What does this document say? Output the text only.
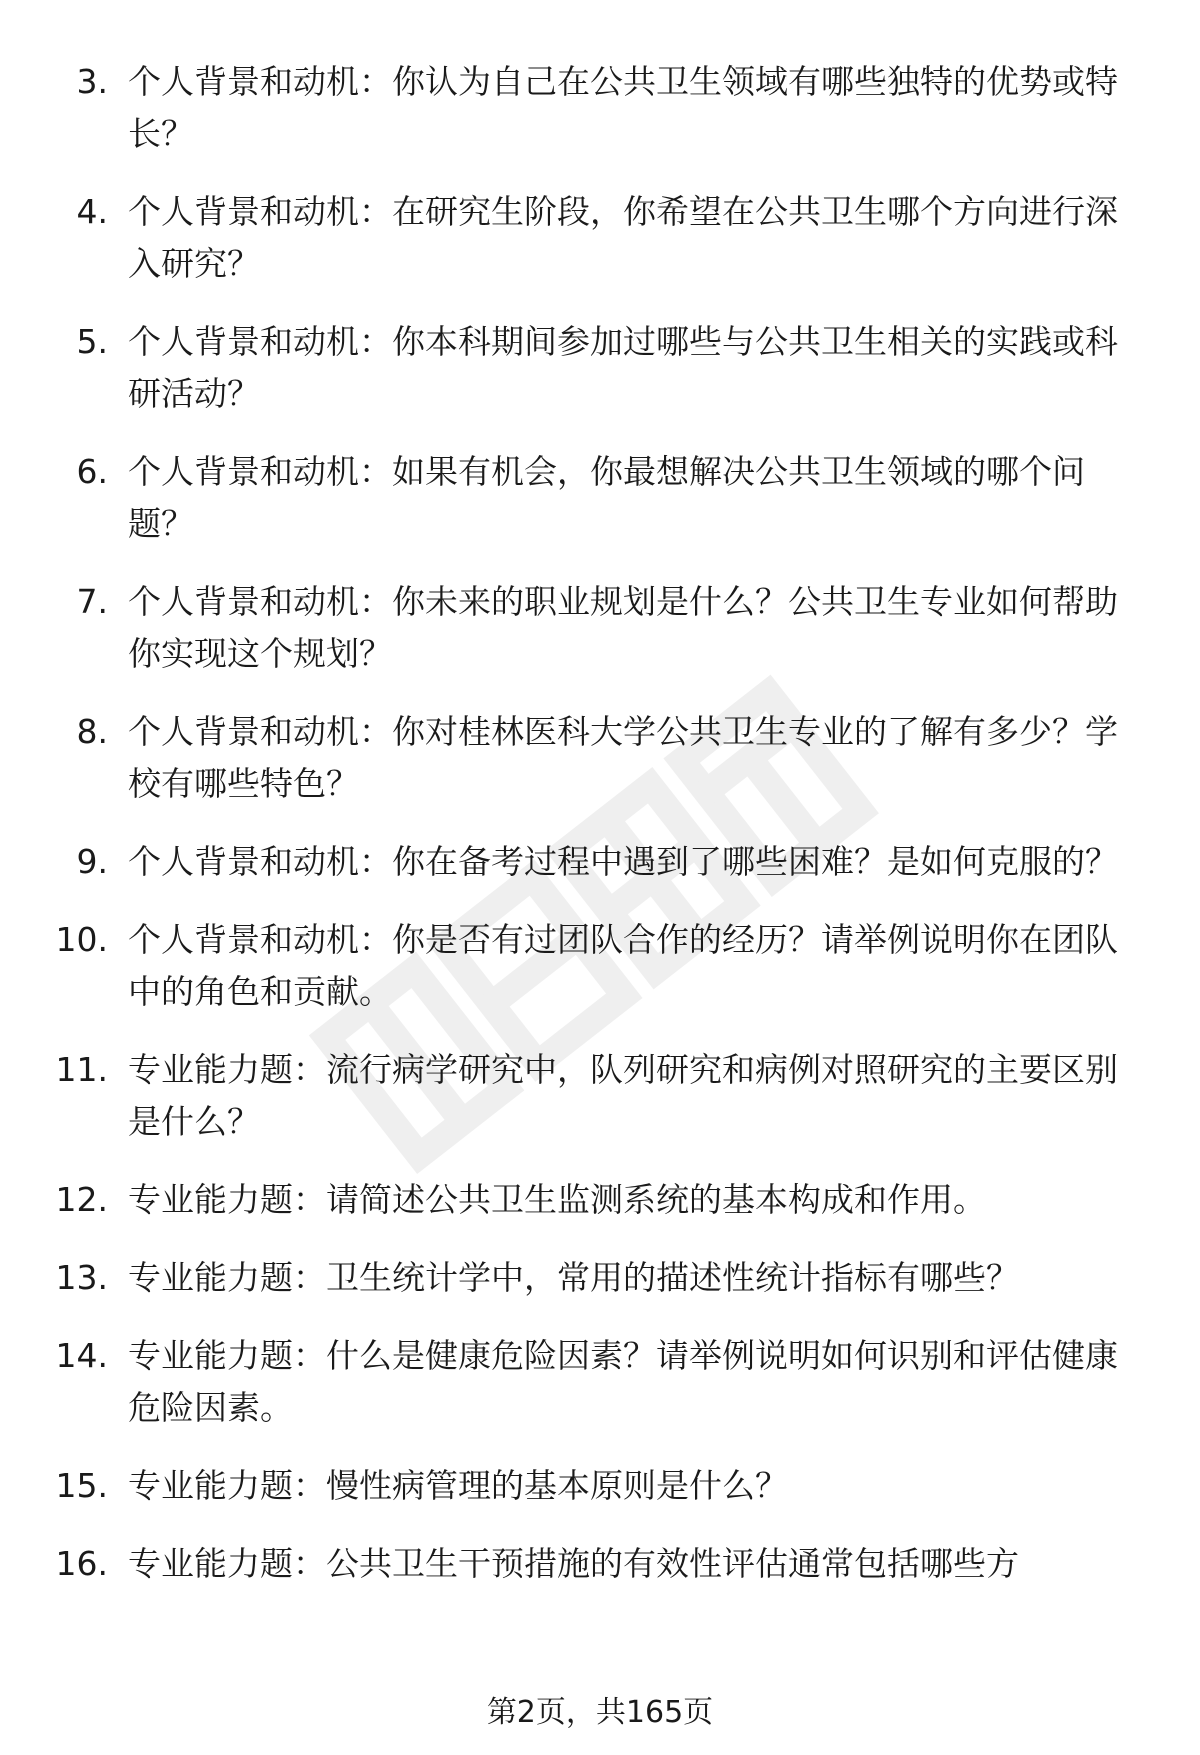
3. 个人背景和动机：你认为自己在公共卫生领域有哪些独特的优势或特长？
4. 个人背景和动机：在研究生阶段，你希望在公共卫生哪个方向进行深入研究？
5. 个人背景和动机：你本科期间参加过哪些与公共卫生相关的实践或科研活动？
6. 个人背景和动机：如果有机会，你最想解决公共卫生领域的哪个问题？
7. 个人背景和动机：你未来的职业规划是什么？公共卫生专业如何帮助你实现这个规划？
8. 个人背景和动机：你对桂林医科大学公共卫生专业的了解有多少？学校有哪些特色？
9. 个人背景和动机：你在备考过程中遇到了哪些困难？是如何克服的？
10. 个人背景和动机：你是否有过团队合作的经历？请举例说明你在团队中的角色和贡献。
11. 专业能力题：流行病学研究中，队列研究和病例对照研究的主要区别是什么？
12. 专业能力题：请简述公共卫生监测系统的基本构成和作用。
13. 专业能力题：卫生统计学中，常用的描述性统计指标有哪些？
14. 专业能力题：什么是健康危险因素？请举例说明如何识别和评估健康危险因素。
15. 专业能力题：慢性病管理的基本原则是什么？
16. 专业能力题：公共卫生干预措施的有效性评估通常包括哪些方
第2页，共165页
